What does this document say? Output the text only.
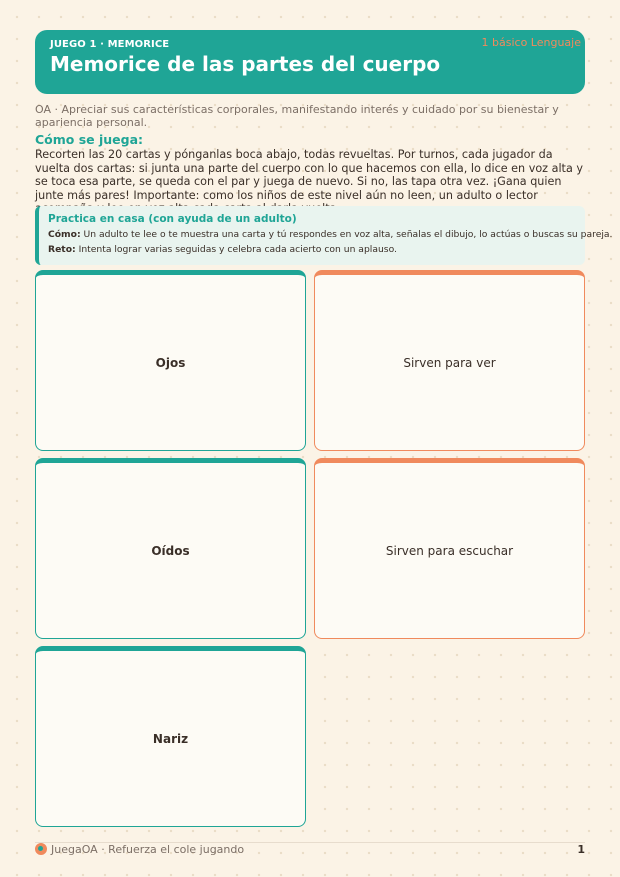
JUEGO 1 · MEMORICE
Memorice de las partes del cuerpo
1 básico Lenguaje
OA · Apreciar sus características corporales, manifestando interés y cuidado por su bienestar y apariencia personal.
Cómo se juega:
Recorten las 20 cartas y pónganlas boca abajo, todas revueltas. Por turnos, cada jugador da vuelta dos cartas: si junta una parte del cuerpo con lo que hacemos con ella, lo dice en voz alta y se toca esa parte, se queda con el par y juega de nuevo. Si no, las tapa otra vez. ¡Gana quien junte más pares! Importante: como los niños de este nivel aún no leen, un adulto o lector
Practica en casa (con ayuda de un adulto)
Cómo: Un adulto te lee o te muestra una carta y tú respondes en voz alta, señalas el dibujo, lo actúas o buscas su pareja.
Reto: Intenta lograr varias seguidas y celebra cada acierto con un aplauso.
Ojos	Sirven para ver
Oídos	Sirven para escuchar
Nariz
JuegaOA · Refuerza el cole jugando	1
